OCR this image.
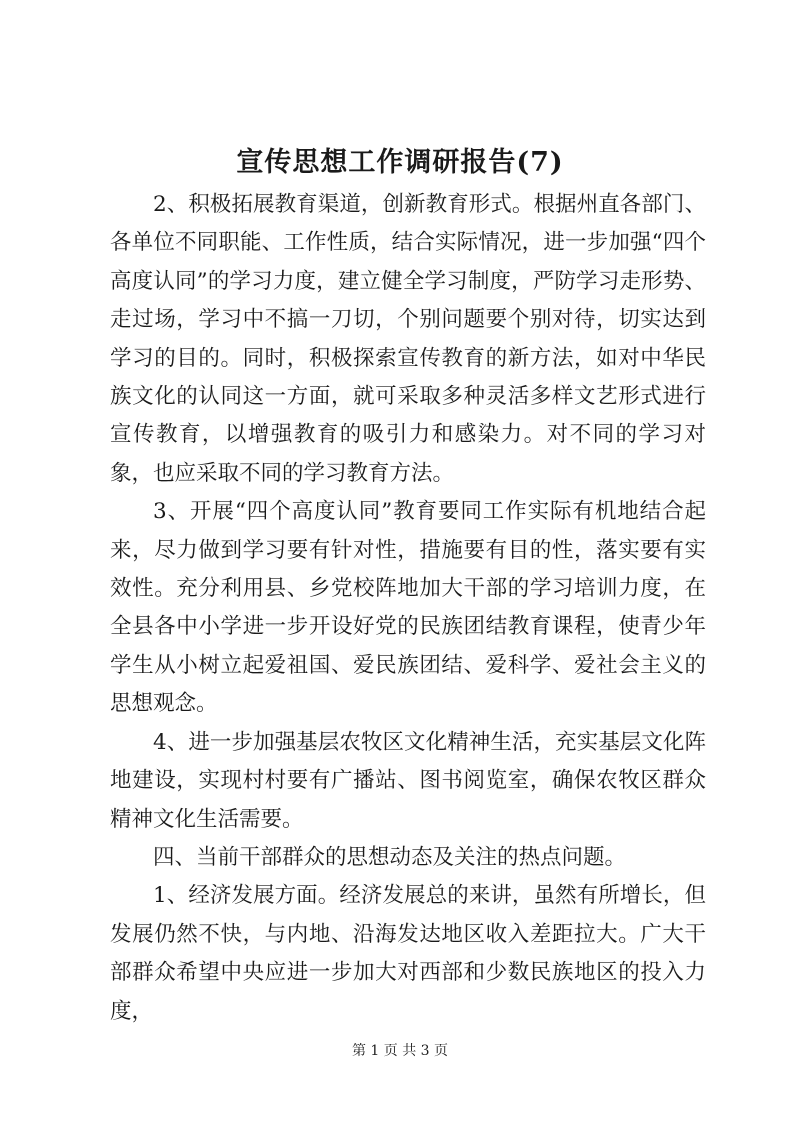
宣传思想工作调研报告(7)

2、积极拓展教育渠道，创新教育形式。根据州直各部门、各单位不同职能、工作性质，结合实际情况，进一步加强“四个高度认同”的学习力度，建立健全学习制度，严防学习走形势、走过场，学习中不搞一刀切，个别问题要个别对待，切实达到学习的目的。同时，积极探索宣传教育的新方法，如对中华民族文化的认同这一方面，就可采取多种灵活多样文艺形式进行宣传教育，以增强教育的吸引力和感染力。对不同的学习对象，也应采取不同的学习教育方法。

3、开展“四个高度认同”教育要同工作实际有机地结合起来，尽力做到学习要有针对性，措施要有目的性，落实要有实效性。充分利用县、乡党校阵地加大干部的学习培训力度，在全县各中小学进一步开设好党的民族团结教育课程，使青少年学生从小树立起爱祖国、爱民族团结、爱科学、爱社会主义的思想观念。

4、进一步加强基层农牧区文化精神生活，充实基层文化阵地建设，实现村村要有广播站、图书阅览室，确保农牧区群众精神文化生活需要。

四、当前干部群众的思想动态及关注的热点问题。

1、经济发展方面。经济发展总的来讲，虽然有所增长，但发展仍然不快，与内地、沿海发达地区收入差距拉大。广大干部群众希望中央应进一步加大对西部和少数民族地区的投入力度，

第 1 页 共 3 页
